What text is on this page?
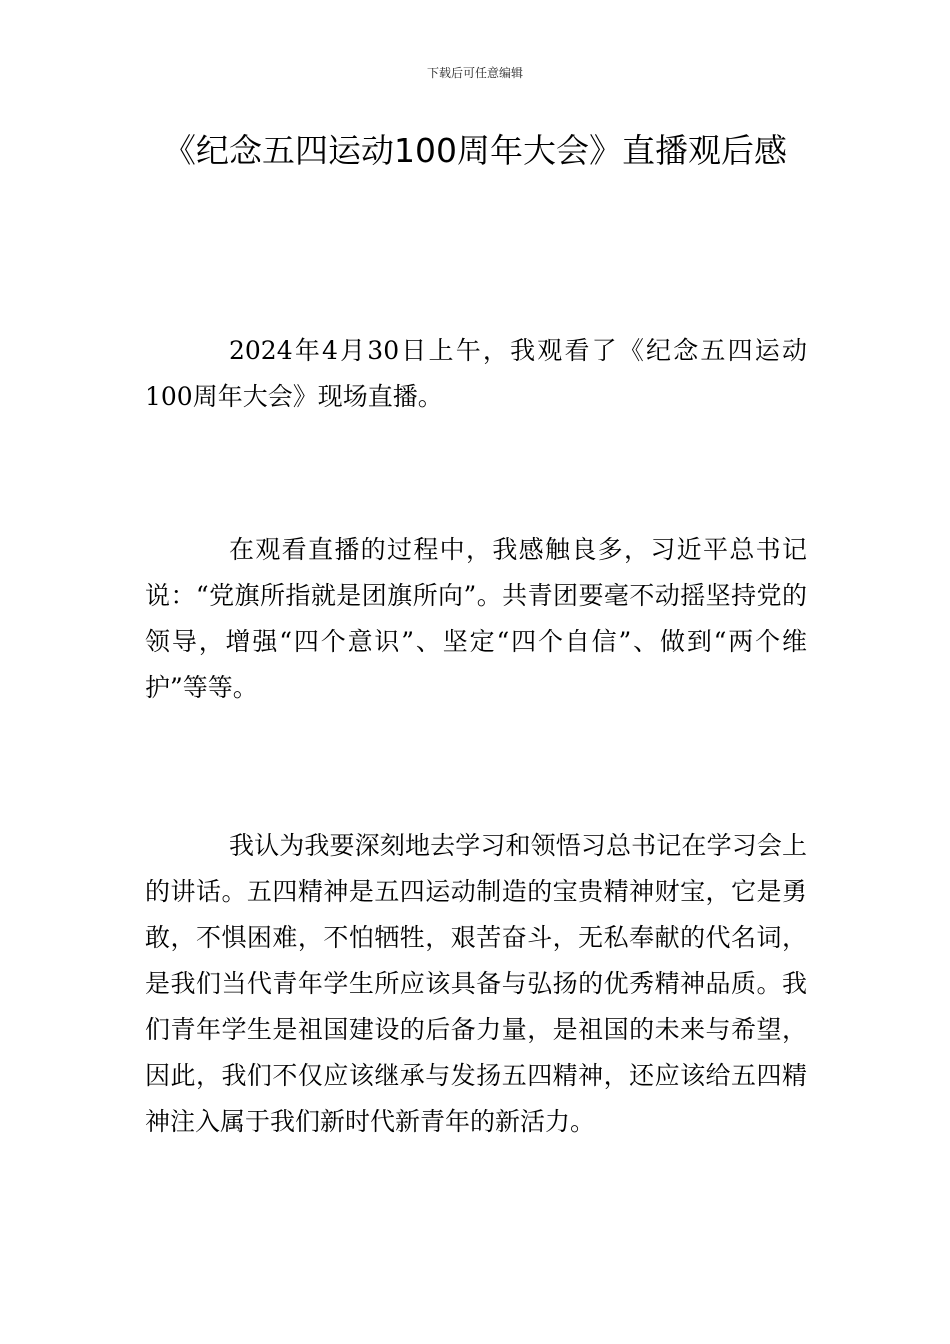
下载后可任意编辑
《纪念五四运动100周年大会》直播观后感

2024年4月30日上午，我观看了《纪念五四运动100周年大会》现场直播。

在观看直播的过程中，我感触良多，习近平总书记说：“党旗所指就是团旗所向”。共青团要毫不动摇坚持党的领导，增强“四个意识”、坚定“四个自信”、做到“两个维护”等等。

我认为我要深刻地去学习和领悟习总书记在学习会上的讲话。五四精神是五四运动制造的宝贵精神财宝，它是勇敢，不惧困难，不怕牺牲，艰苦奋斗，无私奉献的代名词，是我们当代青年学生所应该具备与弘扬的优秀精神品质。我们青年学生是祖国建设的后备力量，是祖国的未来与希望，因此，我们不仅应该继承与发扬五四精神，还应该给五四精神注入属于我们新时代新青年的新活力。
